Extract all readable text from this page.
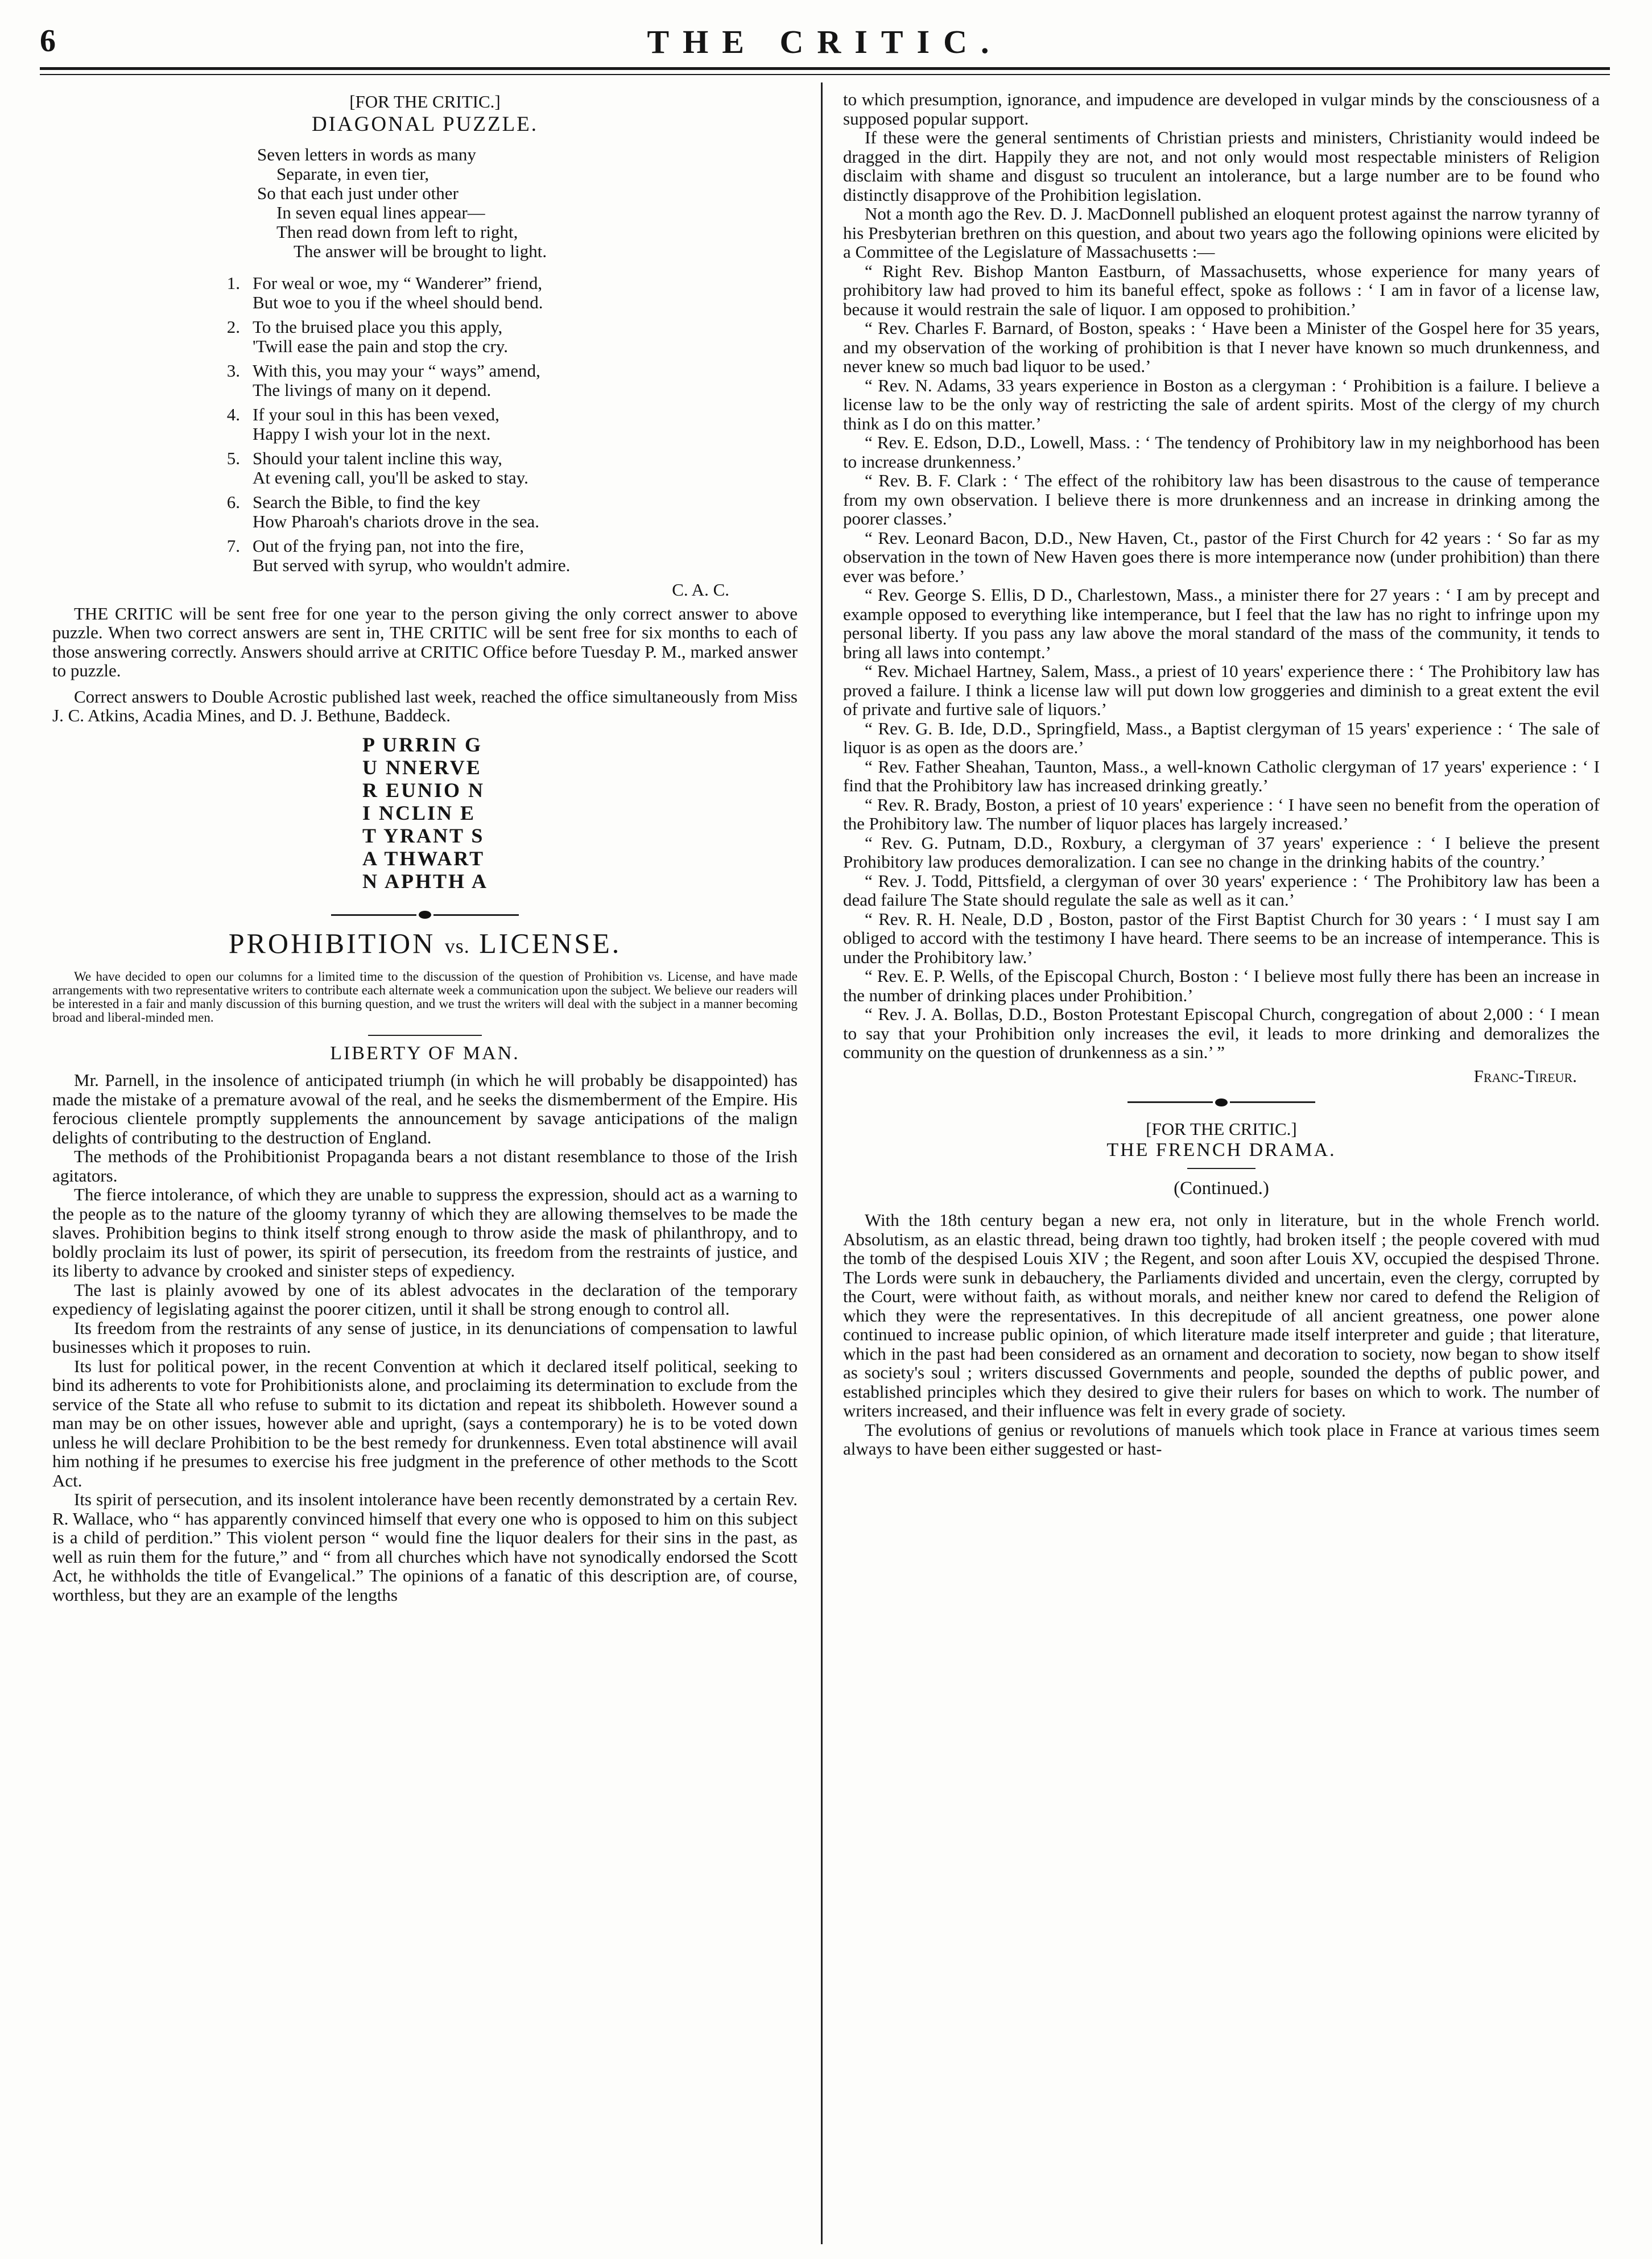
6	THE CRITIC.

[FOR THE CRITIC.]

DIAGONAL PUZZLE.
Seven letters in words as many
Separate, in even tier,
So that each just under other
In seven equal lines appear—
Then read down from left to right,
The answer will be brought to light.
1. For weal or woe, my “ Wanderer” friend,
But woe to you if the wheel should bend.
2. To the bruised place you this apply,
'Twill ease the pain and stop the cry.
3. With this, you may your “ ways” amend,
The livings of many on it depend.
4. If your soul in this has been vexed,
Happy I wish your lot in the next.
5. Should your talent incline this way,
At evening call, you'll be asked to stay.
6. Search the Bible, to find the key
How Pharoah's chariots drove in the sea.
7. Out of the frying pan, not into the fire,
But served with syrup, who wouldn't admire.
C. A. C.

THE CRITIC will be sent free for one year to the person giving the only correct answer to above puzzle. When two correct answers are sent in, THE CRITIC will be sent free for six months to each of those answering correctly. Answers should arrive at CRITIC Office before Tuesday P. M., marked answer to puzzle.

Correct answers to Double Acrostic published last week, reached the office simultaneously from Miss J. C. Atkins, Acadia Mines, and D. J. Bethune, Baddeck.

P URRIN G
U NNERVE
R EUNIO N
I NCLIN E
T YRANT S
A THWART
N APHTH A
PROHIBITION vs. LICENSE.

We have decided to open our columns for a limited time to the discussion of the question of Prohibition vs. License, and have made arrangements with two representative writers to contribute each alternate week a communication upon the subject. We believe our readers will be interested in a fair and manly discussion of this burning question, and we trust the writers will deal with the subject in a manner becoming broad and liberal-minded men.

LIBERTY OF MAN.

Mr. Parnell, in the insolence of anticipated triumph (in which he will probably be disappointed) has made the mistake of a premature avowal of the real, and he seeks the dismemberment of the Empire. His ferocious clientele promptly supplements the announcement by savage anticipations of the malign delights of contributing to the destruction of England.

The methods of the Prohibitionist Propaganda bears a not distant resemblance to those of the Irish agitators.

The fierce intolerance, of which they are unable to suppress the expression, should act as a warning to the people as to the nature of the gloomy tyranny of which they are allowing themselves to be made the slaves. Prohibition begins to think itself strong enough to throw aside the mask of philanthropy, and to boldly proclaim its lust of power, its spirit of persecution, its freedom from the restraints of justice, and its liberty to advance by crooked and sinister steps of expediency.

The last is plainly avowed by one of its ablest advocates in the declaration of the temporary expediency of legislating against the poorer citizen, until it shall be strong enough to control all.

Its freedom from the restraints of any sense of justice, in its denunciations of compensation to lawful businesses which it proposes to ruin.

Its lust for political power, in the recent Convention at which it declared itself political, seeking to bind its adherents to vote for Prohibitionists alone, and proclaiming its determination to exclude from the service of the State all who refuse to submit to its dictation and repeat its shibboleth. However sound a man may be on other issues, however able and upright, (says a contemporary) he is to be voted down unless he will declare Prohibition to be the best remedy for drunkenness. Even total abstinence will avail him nothing if he presumes to exercise his free judgment in the preference of other methods to the Scott Act.

Its spirit of persecution, and its insolent intolerance have been recently demonstrated by a certain Rev. R. Wallace, who “ has apparently convinced himself that every one who is opposed to him on this subject is a child of perdition.” This violent person “ would fine the liquor dealers for their sins in the past, as well as ruin them for the future,” and “ from all churches which have not synodically endorsed the Scott Act, he withholds the title of Evangelical.” The opinions of a fanatic of this description are, of course, worthless, but they are an example of the lengths

to which presumption, ignorance, and impudence are developed in vulgar minds by the consciousness of a supposed popular support.

If these were the general sentiments of Christian priests and ministers, Christianity would indeed be dragged in the dirt. Happily they are not, and not only would most respectable ministers of Religion disclaim with shame and disgust so truculent an intolerance, but a large number are to be found who distinctly disapprove of the Prohibition legislation.

Not a month ago the Rev. D. J. MacDonnell published an eloquent protest against the narrow tyranny of his Presbyterian brethren on this question, and about two years ago the following opinions were elicited by a Committee of the Legislature of Massachusetts :—

“ Right Rev. Bishop Manton Eastburn, of Massachusetts, whose experience for many years of prohibitory law had proved to him its baneful effect, spoke as follows : ‘ I am in favor of a license law, because it would restrain the sale of liquor. I am opposed to prohibition.’

“ Rev. Charles F. Barnard, of Boston, speaks : ‘ Have been a Minister of the Gospel here for 35 years, and my observation of the working of prohibition is that I never have known so much drunkenness, and never knew so much bad liquor to be used.’

“ Rev. N. Adams, 33 years experience in Boston as a clergyman : ‘ Prohibition is a failure. I believe a license law to be the only way of restricting the sale of ardent spirits. Most of the clergy of my church think as I do on this matter.’

“ Rev. E. Edson, D.D., Lowell, Mass. : ‘ The tendency of Prohibitory law in my neighborhood has been to increase drunkenness.’

“ Rev. B. F. Clark : ‘ The effect of the rohibitory law has been disastrous to the cause of temperance from my own observation. I believe there is more drunkenness and an increase in drinking among the poorer classes.’

“ Rev. Leonard Bacon, D.D., New Haven, Ct., pastor of the First Church for 42 years : ‘ So far as my observation in the town of New Haven goes there is more intemperance now (under prohibition) than there ever was before.’

“ Rev. George S. Ellis, D D., Charlestown, Mass., a minister there for 27 years : ‘ I am by precept and example opposed to everything like intemperance, but I feel that the law has no right to infringe upon my personal liberty. If you pass any law above the moral standard of the mass of the community, it tends to bring all laws into contempt.’

“ Rev. Michael Hartney, Salem, Mass., a priest of 10 years' experience there : ‘ The Prohibitory law has proved a failure. I think a license law will put down low groggeries and diminish to a great extent the evil of private and furtive sale of liquors.’

“ Rev. G. B. Ide, D.D., Springfield, Mass., a Baptist clergyman of 15 years' experience : ‘ The sale of liquor is as open as the doors are.’

“ Rev. Father Sheahan, Taunton, Mass., a well-known Catholic clergyman of 17 years' experience : ‘ I find that the Prohibitory law has increased drinking greatly.’

“ Rev. R. Brady, Boston, a priest of 10 years' experience : ‘ I have seen no benefit from the operation of the Prohibitory law. The number of liquor places has largely increased.’

“ Rev. G. Putnam, D.D., Roxbury, a clergyman of 37 years' experience : ‘ I believe the present Prohibitory law produces demoralization. I can see no change in the drinking habits of the country.’

“ Rev. J. Todd, Pittsfield, a clergyman of over 30 years' experience : ‘ The Prohibitory law has been a dead failure The State should regulate the sale as well as it can.’

“ Rev. R. H. Neale, D.D , Boston, pastor of the First Baptist Church for 30 years : ‘ I must say I am obliged to accord with the testimony I have heard. There seems to be an increase of intemperance. This is under the Prohibitory law.’

“ Rev. E. P. Wells, of the Episcopal Church, Boston : ‘ I believe most fully there has been an increase in the number of drinking places under Prohibition.’

“ Rev. J. A. Bollas, D.D., Boston Protestant Episcopal Church, congregation of about 2,000 : ‘ I mean to say that your Prohibition only increases the evil, it leads to more drinking and demoralizes the community on the question of drunkenness as a sin.’ ”

Franc-Tireur.

[FOR THE CRITIC.]

THE FRENCH DRAMA.
(Continued.)

With the 18th century began a new era, not only in literature, but in the whole French world. Absolutism, as an elastic thread, being drawn too tightly, had broken itself ; the people covered with mud the tomb of the despised Louis XIV ; the Regent, and soon after Louis XV, occupied the despised Throne. The Lords were sunk in debauchery, the Parliaments divided and uncertain, even the clergy, corrupted by the Court, were without faith, as without morals, and neither knew nor cared to defend the Religion of which they were the representatives. In this decrepitude of all ancient greatness, one power alone continued to increase public opinion, of which literature made itself interpreter and guide ; that literature, which in the past had been considered as an ornament and decoration to society, now began to show itself as society's soul ; writers discussed Governments and people, sounded the depths of public power, and established principles which they desired to give their rulers for bases on which to work. The number of writers increased, and their influence was felt in every grade of society.

The evolutions of genius or revolutions of manuels which took place in France at various times seem always to have been either suggested or hast-
